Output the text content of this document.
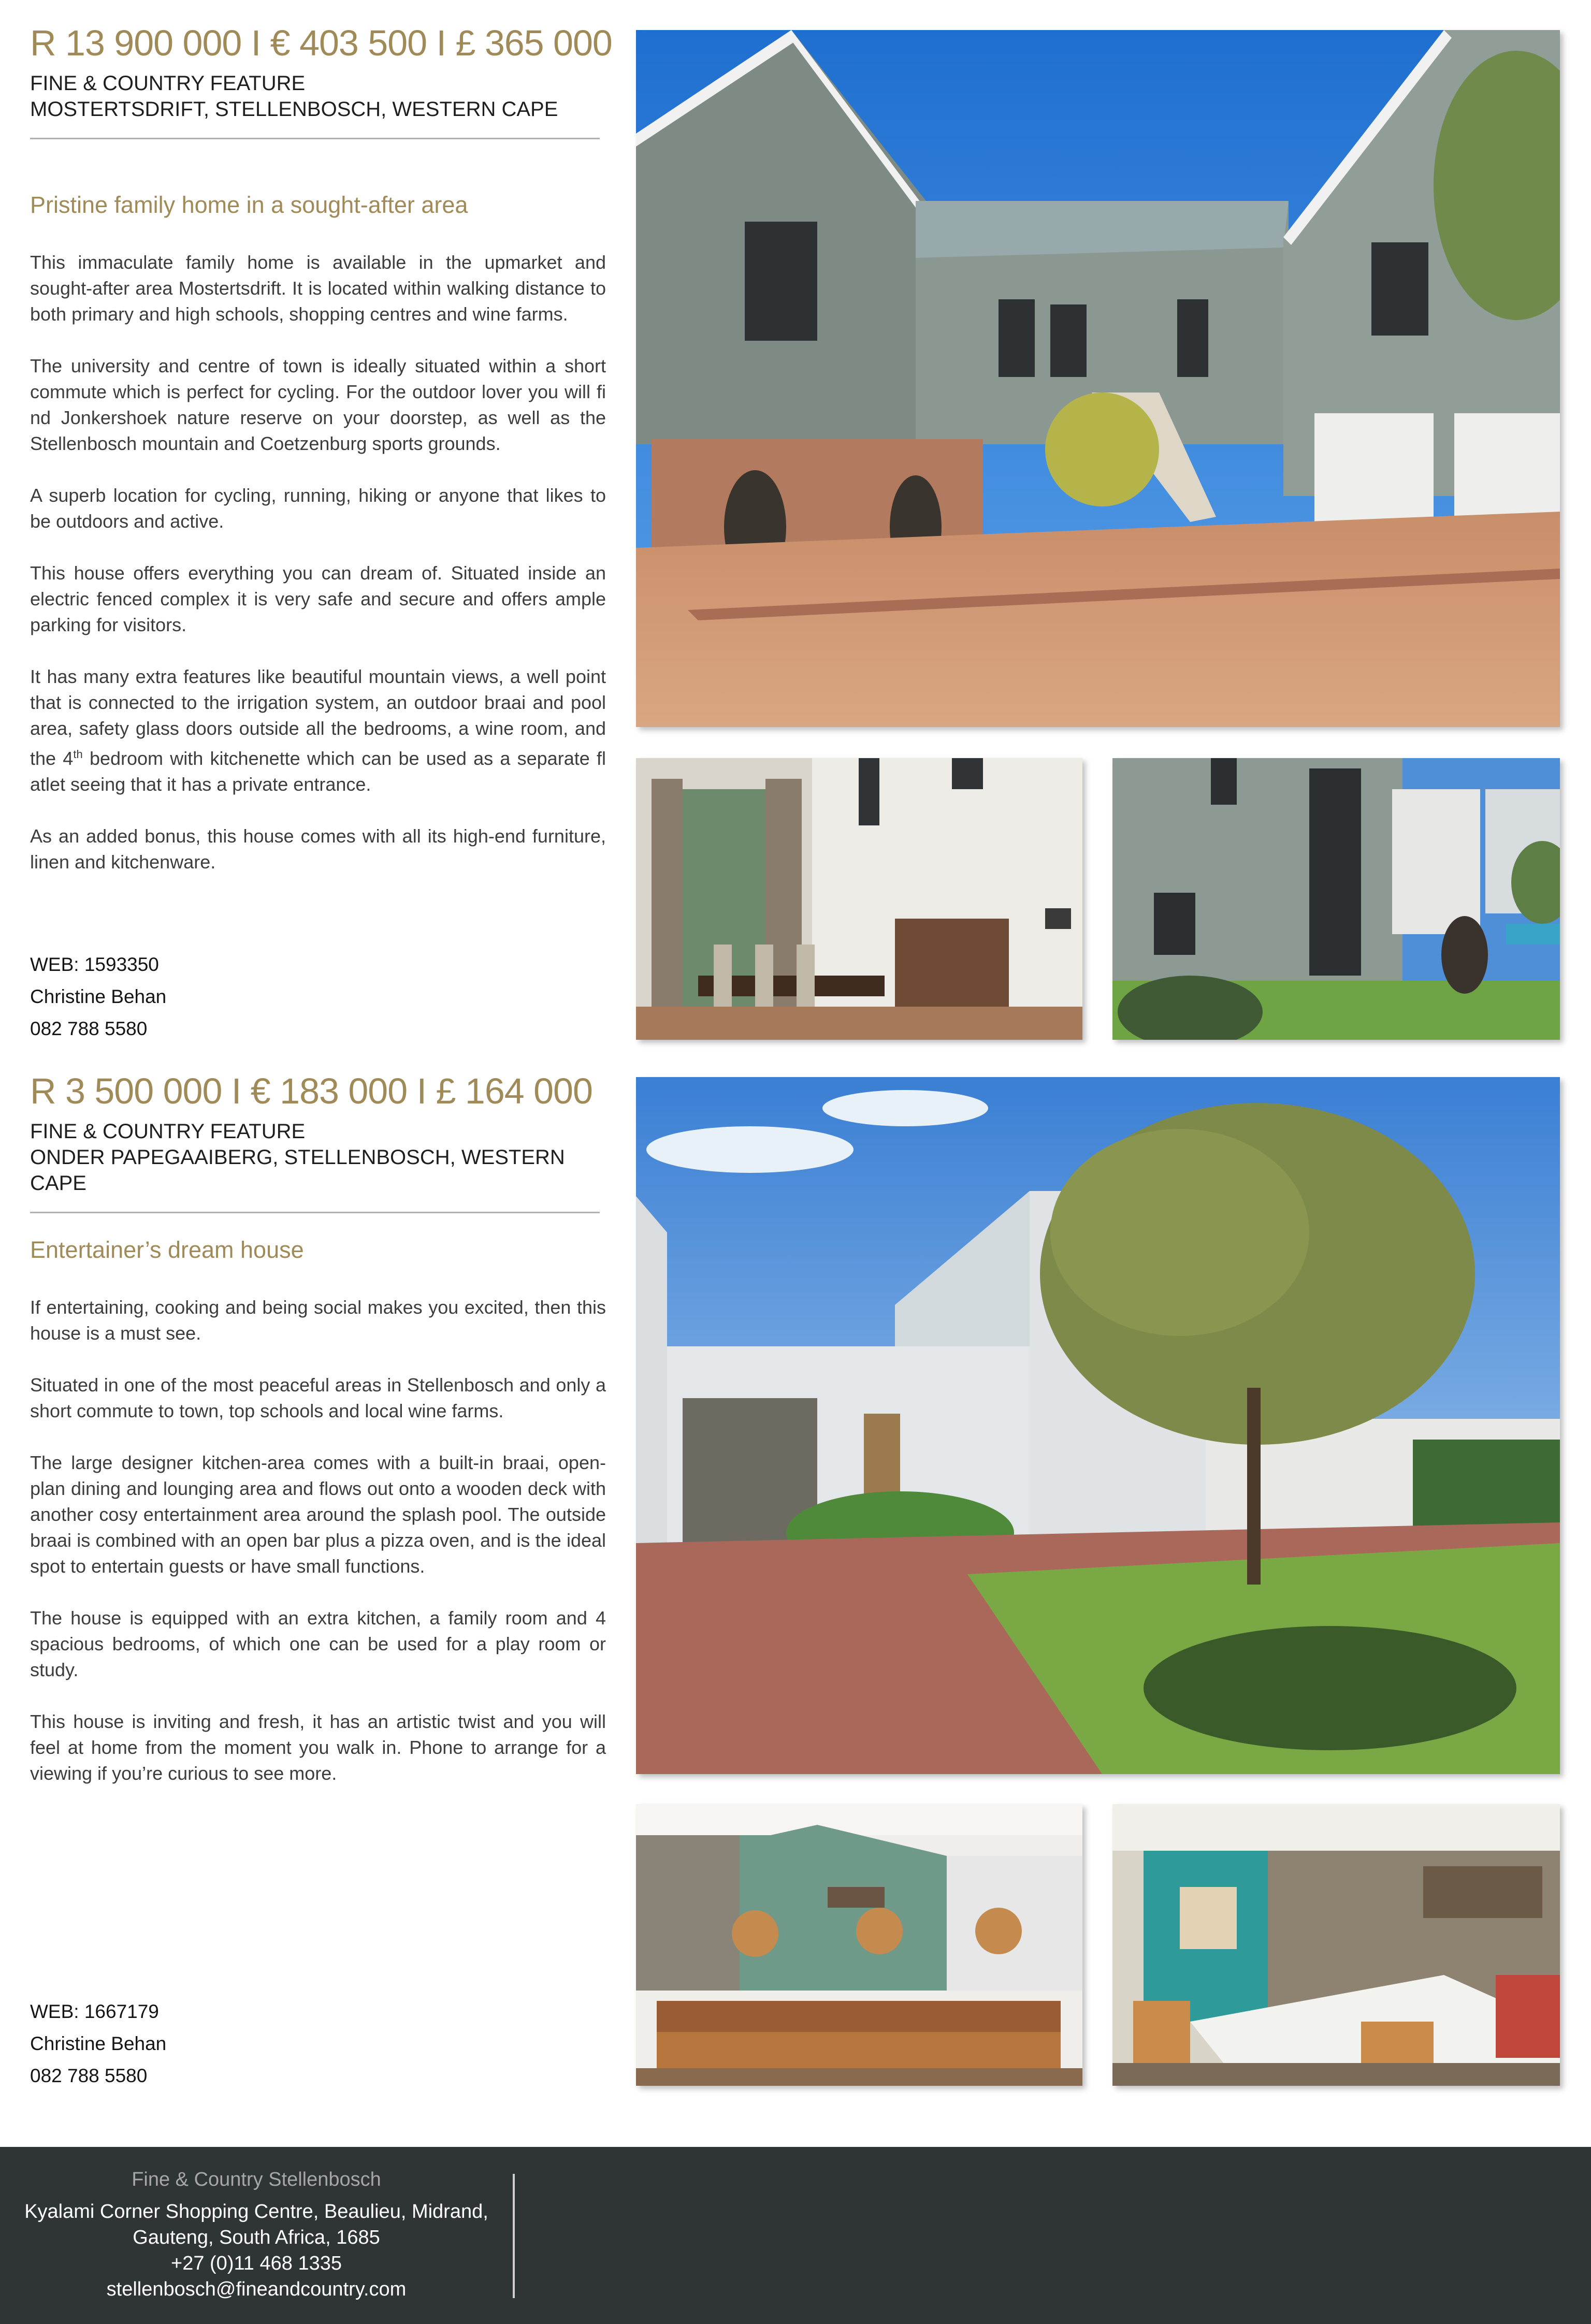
R 13 900 000 I € 403 500 I £ 365 000

FINE & COUNTRY FEATURE

MOSTERTSDRIFT, STELLENBOSCH, WESTERN CAPE

Pristine family home in a sought-after area

This immaculate family home is available in the upmarket and sought-after area Mostertsdrift. It is located within walking distance to both primary and high schools, shopping centres and wine farms.

The university and centre of town is ideally situated within a short commute which is perfect for cycling. For the outdoor lover you will fi nd Jonkershoek nature reserve on your doorstep, as well as the Stellenbosch mountain and Coetzenburg sports grounds.

A superb location for cycling, running, hiking or anyone that likes to be outdoors and active.

This house offers everything you can dream of. Situated inside an electric fenced complex it is very safe and secure and offers ample parking for visitors.

It has many extra features like beautiful mountain views, a well point that is connected to the irrigation system, an outdoor braai and pool area, safety glass doors outside all the bedrooms, a wine room, and the 4th bedroom with kitchenette which can be used as a separate fl atlet seeing that it has a private entrance.

As an added bonus, this house comes with all its high-end furniture, linen and kitchenware.

WEB: 1593350
Christine Behan
082 788 5580

R 3 500 000 I € 183 000 I £ 164 000

FINE & COUNTRY FEATURE

ONDER PAPEGAAIBERG, STELLENBOSCH, WESTERN CAPE

Entertainer’s dream house

If entertaining, cooking and being social makes you excited, then this house is a must see.

Situated in one of the most peaceful areas in Stellenbosch and only a short commute to town, top schools and local wine farms.

The large designer kitchen-area comes with a built-in braai, open-plan dining and lounging area and flows out onto a wooden deck with another cosy entertainment area around the splash pool. The outside braai is combined with an open bar plus a pizza oven, and is the ideal spot to entertain guests or have small functions.

The house is equipped with an extra kitchen, a family room and 4 spacious bedrooms, of which one can be used for a play room or study.

This house is inviting and fresh, it has an artistic twist and you will feel at home from the moment you walk in. Phone to arrange for a viewing if you’re curious to see more.

WEB: 1667179
Christine Behan
082 788 5580
Fine & Country Stellenbosch
Kyalami Corner Shopping Centre, Beaulieu, Midrand,
Gauteng, South Africa, 1685
+27 (0)11 468 1335
stellenbosch@fineandcountry.com
